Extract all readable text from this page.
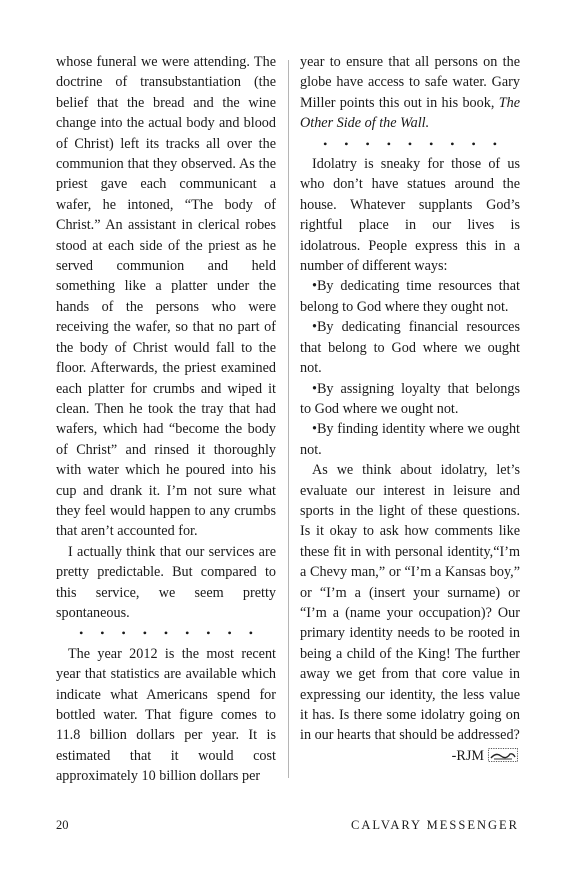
whose funeral we were attending. The doctrine of transubstantiation (the belief that the bread and the wine change into the actual body and blood of Christ) left its tracks all over the communion that they observed. As the priest gave each communicant a wafer, he intoned, “The body of Christ.” An assistant in clerical robes stood at each side of the priest as he served communion and held something like a platter under the hands of the persons who were receiving the wafer, so that no part of the body of Christ would fall to the floor. Afterwards, the priest examined each platter for crumbs and wiped it clean. Then he took the tray that had wafers, which had “become the body of Christ” and rinsed it thoroughly with water which he poured into his cup and drank it. I’m not sure what they feel would happen to any crumbs that aren’t accounted for.

I actually think that our services are pretty predictable. But compared to this service, we seem pretty spontaneous.

• • • • • • • • •

The year 2012 is the most recent year that statistics are available which indicate what Americans spend for bottled water. That figure comes to 11.8 billion dollars per year. It is estimated that it would cost approximately 10 billion dollars per

year to ensure that all persons on the globe have access to safe water. Gary Miller points this out in his book, The Other Side of the Wall.

• • • • • • • • •

Idolatry is sneaky for those of us who don’t have statues around the house. Whatever supplants God’s rightful place in our lives is idolatrous. People express this in a number of different ways:

•By dedicating time resources that belong to God where they ought not.

•By dedicating financial resources that belong to God where we ought not.

•By assigning loyalty that belongs to God where we ought not.

•By finding identity where we ought not.

As we think about idolatry, let’s evaluate our interest in leisure and sports in the light of these questions. Is it okay to ask how comments like these fit in with personal identity,“I’m a Chevy man,” or “I’m a Kansas boy,” or “I’m a (insert your surname) or “I’m a (name your occupation)? Our primary identity needs to be rooted in being a child of the King! The further away we get from that core value in expressing our identity, the less value it has. Is there some idolatry going on in our hearts that should be addressed?

-RJM
20	CALVARY MESSENGER
